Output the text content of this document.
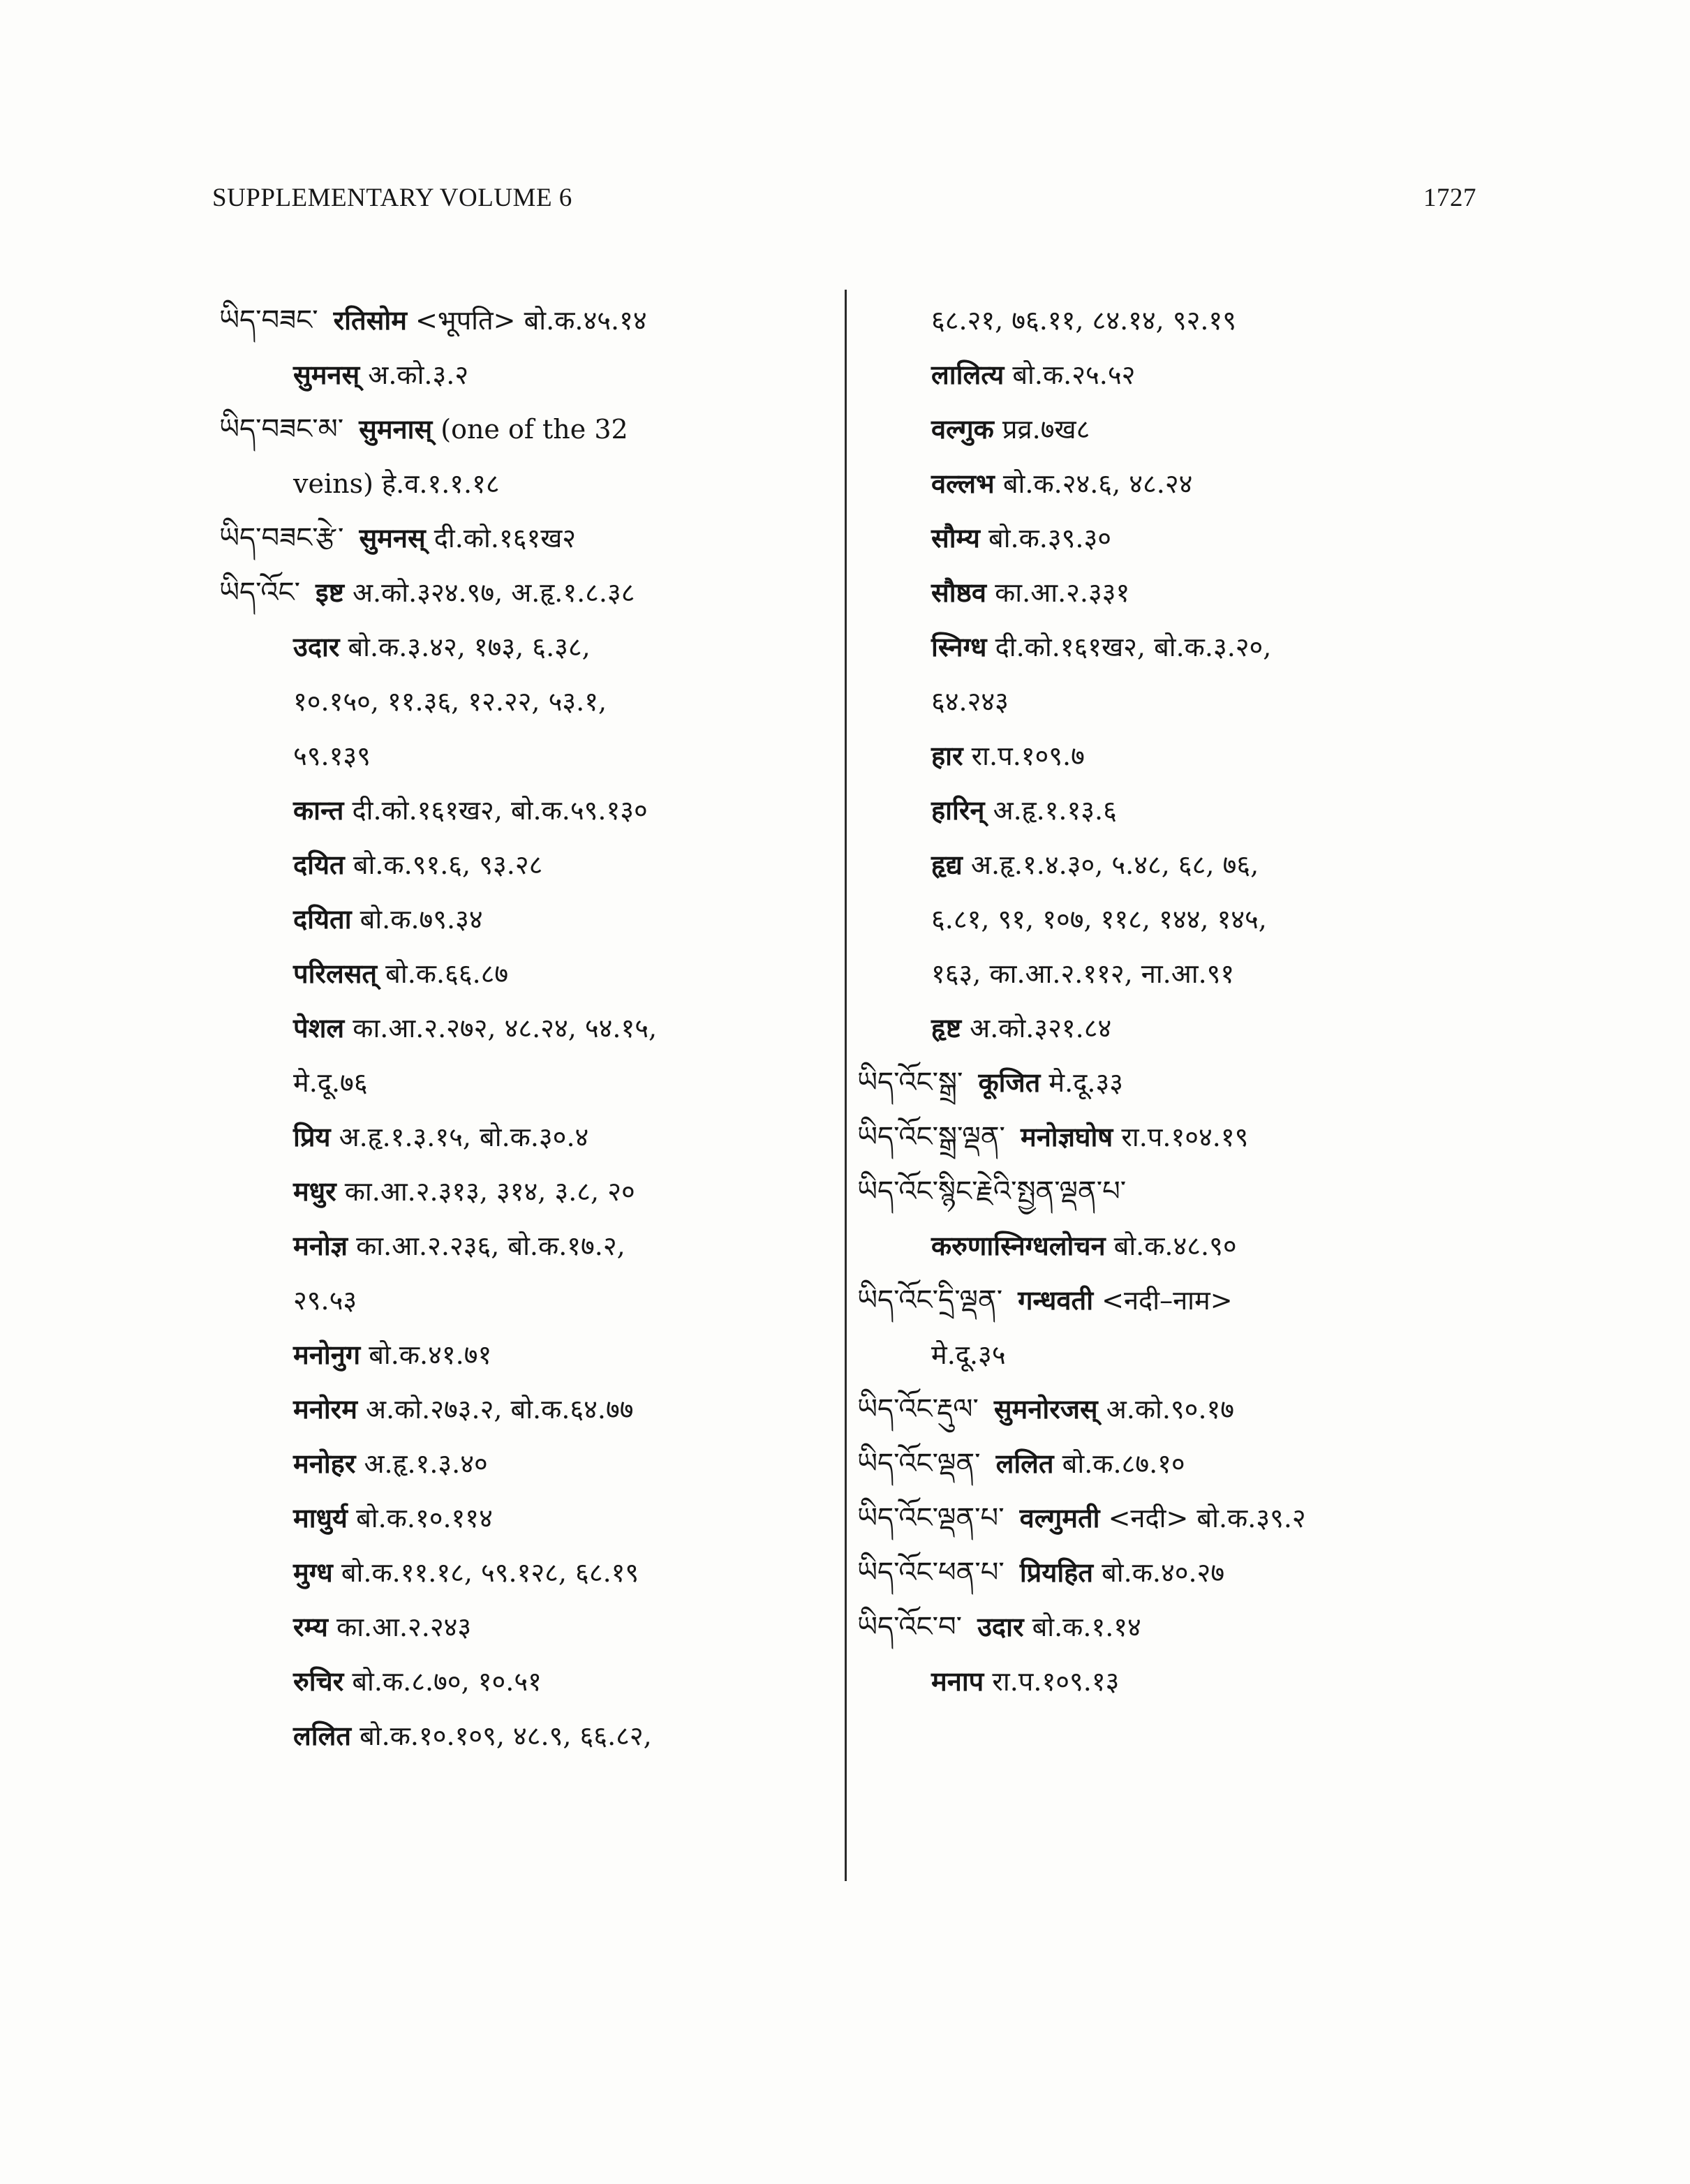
SUPPLEMENTARY VOLUME 6	1727
ཡིད་བཟང་ रतिसोम <भूपति> बो.क.४५.१४
सुमनस् अ.को.३.२
ཡིད་བཟང་མ་ सुमनास् (one of the 32
veins) हे.व.१.१.१८
ཡིད་བཟང་རྩེ་ सुमनस् दी.को.१६१ख२
ཡིད་འོང་ इष्ट अ.को.३२४.९७, अ.हृ.१.८.३८
उदार बो.क.३.४२, १७३, ६.३८,
१०.१५०, ११.३६, १२.२२, ५३.१,
५९.१३९
कान्त दी.को.१६१ख२, बो.क.५९.१३०
दयित बो.क.९१.६, ९३.२८
दयिता बो.क.७९.३४
परिलसत् बो.क.६६.८७
पेशल का.आ.२.२७२, ४८.२४, ५४.१५,
मे.दू.७६
प्रिय अ.हृ.१.३.१५, बो.क.३०.४
मधुर का.आ.२.३१३, ३१४, ३.८, २०
मनोज्ञ का.आ.२.२३६, बो.क.१७.२,
२९.५३
मनोनुग बो.क.४१.७१
मनोरम अ.को.२७३.२, बो.क.६४.७७
मनोहर अ.हृ.१.३.४०
माधुर्य बो.क.१०.११४
मुग्ध बो.क.११.१८, ५९.१२८, ६८.१९
रम्य का.आ.२.२४३
रुचिर बो.क.८.७०, १०.५१
ललित बो.क.१०.१०९, ४८.९, ६६.८२,
६८.२१, ७६.११, ८४.१४, ९२.१९
लालित्य बो.क.२५.५२
वल्गुक प्रव्र.७ख८
वल्लभ बो.क.२४.६, ४८.२४
सौम्य बो.क.३९.३०
सौष्ठव का.आ.२.३३१
स्निग्ध दी.को.१६१ख२, बो.क.३.२०,
६४.२४३
हार रा.प.१०९.७
हारिन् अ.हृ.१.१३.६
हृद्य अ.हृ.१.४.३०, ५.४८, ६८, ७६,
६.८१, ९१, १०७, ११८, १४४, १४५,
१६३, का.आ.२.११२, ना.आ.९१
हृष्ट अ.को.३२१.८४
ཡིད་འོང་སྒྲ་ कूजित मे.दू.३३
ཡིད་འོང་སྒྲ་ལྡན་ मनोज्ञघोष रा.प.१०४.१९
ཡིད་འོང་སྙིང་རྗེའི་སྤྱན་ལྡན་པ་
करुणास्निग्धलोचन बो.क.४८.९०
ཡིད་འོང་དྲི་ལྡན་ गन्धवती <नदी–नाम>
मे.दू.३५
ཡིད་འོང་རྡུལ་ सुमनोरजस् अ.को.९०.१७
ཡིད་འོང་ལྡན་ ललित बो.क.८७.१०
ཡིད་འོང་ལྡན་པ་ वल्गुमती <नदी> बो.क.३९.२
ཡིད་འོང་ཕན་པ་ प्रियहित बो.क.४०.२७
ཡིད་འོང་བ་ उदार बो.क.१.१४
मनाप रा.प.१०९.१३
